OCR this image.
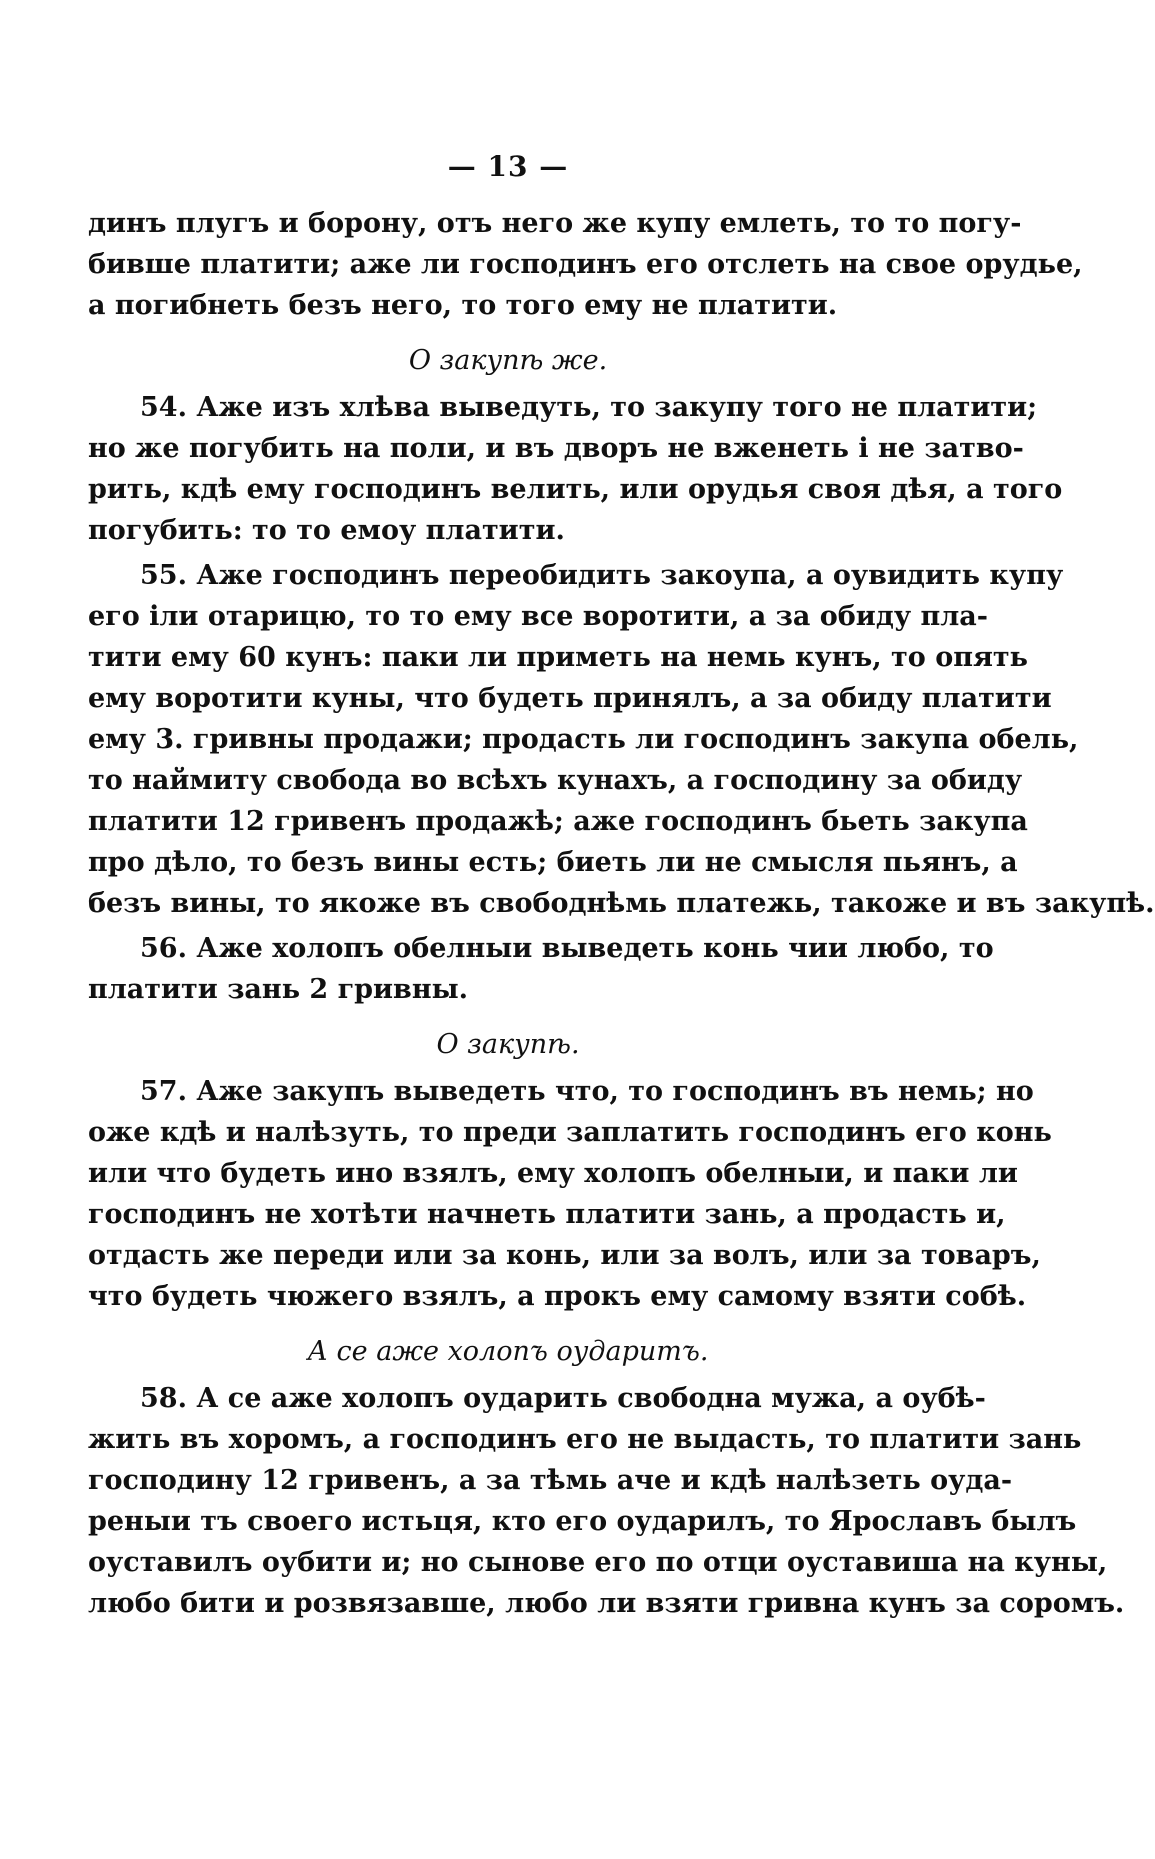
— 13 —
динъ плугъ и борону, отъ него же купу емлеть, то то погу-
бивше платити; аже ли господинъ его отслеть на свое орудье,
а погибнеть безъ него, то того ему не платити.
О закупѣ же.
54. Аже изъ хлѣва выведуть, то закупу того не платити;
но же погубить на поли, и въ дворъ не вженеть і не затво-
рить, кдѣ ему господинъ велить, или орудья своя дѣя, а того
погубить: то то емоу платити.
55. Аже господинъ переобидить закоупа, а оувидить купу
его іли отарицю, то то ему все воротити, а за обиду пла-
тити ему 60 кунъ: паки ли приметь на немь кунъ, то опять
ему воротити куны, что будеть принялъ, а за обиду платити
ему 3. гривны продажи; продасть ли господинъ закупа обель,
то наймиту свобода во всѣхъ кунахъ, а господину за обиду
платити 12 гривенъ продажѣ; аже господинъ бьеть закупа
про дѣло, то безъ вины есть; биеть ли не смысля пьянъ, а
безъ вины, то якоже въ свободнѣмь платежь, такоже и въ закупѣ.
56. Аже холопъ обелныи выведеть конь чии любо, то
платити зань 2 гривны.
О закупѣ.
57. Аже закупъ выведеть что, то господинъ въ немь; но
оже кдѣ и налѣзуть, то преди заплатить господинъ его конь
или что будеть ино взялъ, ему холопъ обелныи, и паки ли
господинъ не хотѣти начнеть платити зань, а продасть и,
отдасть же переди или за конь, или за волъ, или за товаръ,
что будеть чюжего взялъ, а прокъ ему самому взяти собѣ.
А се аже холопъ оударитъ.
58. А се аже холопъ оударить свободна мужа, а оубѣ-
жить въ хоромъ, а господинъ его не выдасть, то платити зань
господину 12 гривенъ, а за тѣмь аче и кдѣ налѣзеть оуда-
реныи тъ своего истьця, кто его оударилъ, то Ярославъ былъ
оуставилъ оубити и; но сынове его по отци оуставиша на куны,
любо бити и розвязавше, любо ли взяти гривна кунъ за соромъ.
